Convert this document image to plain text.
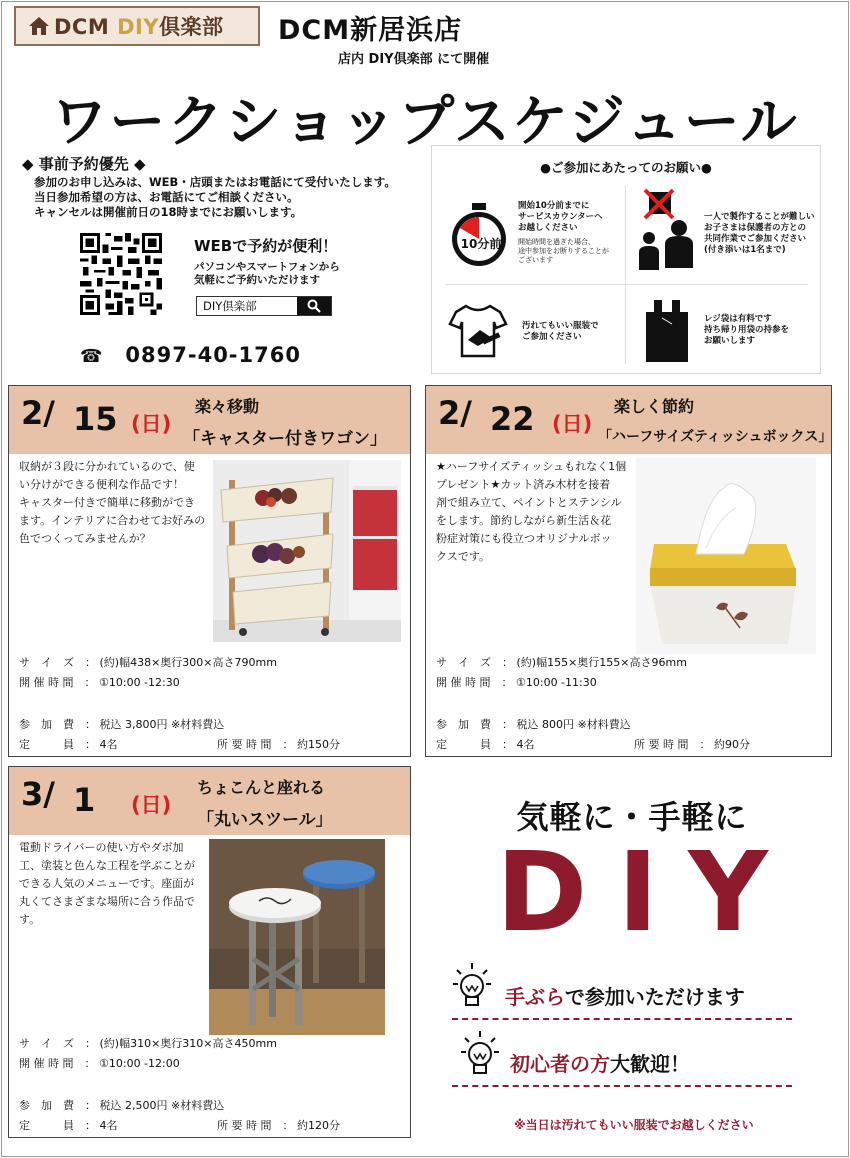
DCM DIY倶楽部 DCM新居浜店
店内 DIY倶楽部 にて開催
ワークショップスケジュール
◆ 事前予約優先 ◆
参加のお申し込みは、WEB・店頭またはお電話にて受付いたします。
当日参加希望の方は、お電話にてご相談ください。
キャンセルは開催前日の18時までにお願いします。
WEBで予約が便利！
パソコンやスマートフォンから
気軽にご予約いただけます
DIY倶楽部
☎ 0897-40-1760
●ご参加にあたってのお願い●
10分前
開始10分前までに
サービスカウンターへ
お越しください
開始時間を過ぎた場合、
途中参加をお断りすることが
ございます
一人で製作することが難しい
お子さまは保護者の方との
共同作業でご参加ください
(付き添いは1名まで)
汚れてもいい服装で
ご参加ください
レジ袋は有料です
持ち帰り用袋の持参を
お願いします
2/ 15 (日)
楽々移動
「キャスター付きワゴン」
収納が３段に分かれているので、使
い分けができる便利な作品です！
キャスター付きで簡単に移動ができ
ます。インテリアに合わせてお好みの
色でつくってみませんか？
サ　イ　ズ　： (約)幅438×奥行300×高さ790mm
開 催 時 間　： ①10:00 -12:30
参　加　費　： 税込 3,800円 ※材料費込
定　　　員　： 4名	所 要 時 間　： 約150分
2/ 22 (日)
楽しく節約
「ハーフサイズティッシュボックス」
★ハーフサイズティッシュもれなく1個
プレゼント★カット済み木材を接着
剤で組み立て、ペイントとステンシル
をします。節約しながら新生活＆花
粉症対策にも役立つオリジナルボッ
クスです。
サ　イ　ズ　： (約)幅155×奥行155×高さ96mm
開 催 時 間　： ①10:00 -11:30
参　加　費　： 税込 800円 ※材料費込
定　　　員　： 4名	所 要 時 間　： 約90分
3/ 1 (日)
ちょこんと座れる
「丸いスツール」
電動ドライバーの使い方やダボ加
工、塗装と色んな工程を学ぶことが
できる人気のメニューです。座面が
丸くてさまざまな場所に合う作品で
す。
サ　イ　ズ　： (約)幅310×奥行310×高さ450mm
開 催 時 間　： ①10:00 -12:00
参　加　費　： 税込 2,500円 ※材料費込
定　　　員　： 4名	所 要 時 間　： 約120分
気軽に・手軽に
DIY
手ぶらで参加いただけます
初心者の方大歓迎！
※当日は汚れてもいい服装でお越しください
